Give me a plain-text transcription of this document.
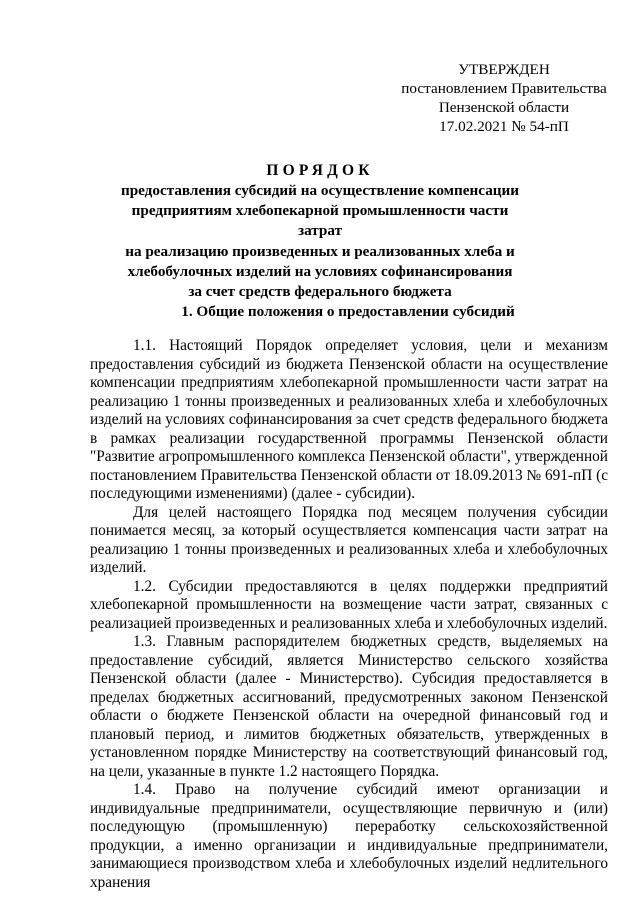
УТВЕРЖДЕН
постановлением Правительства
Пензенской области
17.02.2021 № 54-пП
ПОРЯДОК
предоставления субсидий на осуществление компенсации
предприятиям хлебопекарной промышленности части затрат
на реализацию произведенных и реализованных хлеба и
хлебобулочных изделий на условиях софинансирования
за счет средств федерального бюджета
1. Общие положения о предоставлении субсидий

1.1. Настоящий Порядок определяет условия, цели и механизм предоставления субсидий из бюджета Пензенской области на осуществление компенсации предприятиям хлебопекарной промышленности части затрат на реализацию 1 тонны произведенных и реализованных хлеба и хлебобулочных изделий на условиях софинансирования за счет средств федерального бюджета в рамках реализации государственной программы Пензенской области "Развитие агропромышленного комплекса Пензенской области", утвержденной постановлением Правительства Пензенской области от 18.09.2013 № 691-пП (с последующими изменениями) (далее - субсидии).

Для целей настоящего Порядка под месяцем получения субсидии понимается месяц, за который осуществляется компенсация части затрат на реализацию 1 тонны произведенных и реализованных хлеба и хлебобулочных изделий.

1.2. Субсидии предоставляются в целях поддержки предприятий хлебопекарной промышленности на возмещение части затрат, связанных с реализацией произведенных и реализованных хлеба и хлебобулочных изделий.

1.3. Главным распорядителем бюджетных средств, выделяемых на предоставление субсидий, является Министерство сельского хозяйства Пензенской области (далее - Министерство). Субсидия предоставляется в пределах бюджетных ассигнований, предусмотренных законом Пензенской области о бюджете Пензенской области на очередной финансовый год и плановый период, и лимитов бюджетных обязательств, утвержденных в установленном порядке Министерству на соответствующий финансовый год, на цели, указанные в пункте 1.2 настоящего Порядка.

1.4. Право на получение субсидий имеют организации и индивидуальные предприниматели, осуществляющие первичную и (или) последующую (промышленную) переработку сельскохозяйственной продукции, а именно организации и индивидуальные предприниматели, занимающиеся производством хлеба и хлебобулочных изделий недлительного хранения
